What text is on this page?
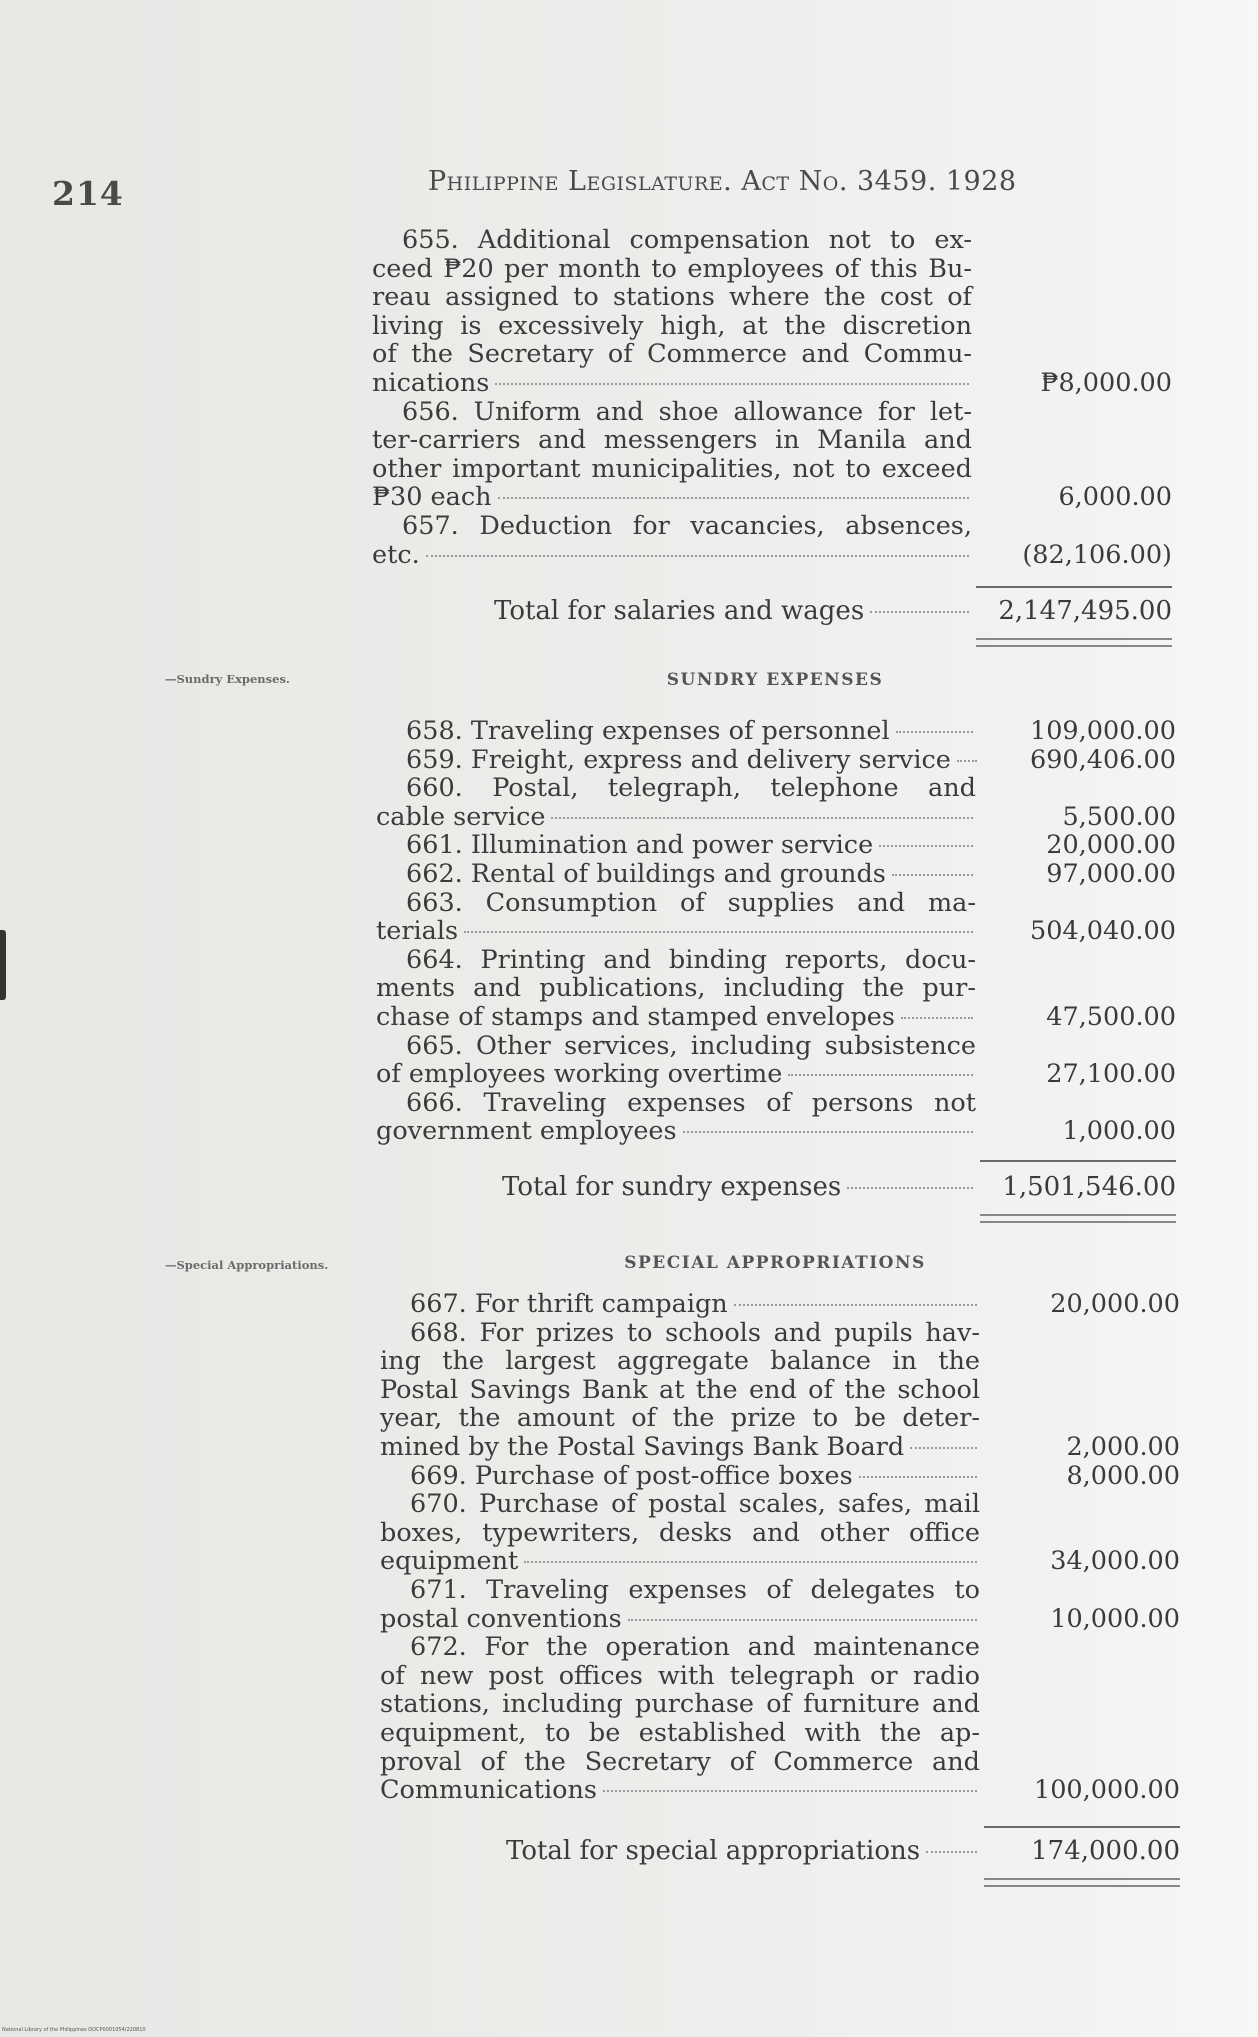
214	Philippine Legislature. Act No. 3459. 1928
655. Additional compensation not to ex-
ceed ₱20 per month to employees of this Bu-
reau assigned to stations where the cost of
living is excessively high, at the discretion
of the Secretary of Commerce and Commu-
nications	₱8,000.00
656. Uniform and shoe allowance for let-
ter-carriers and messengers in Manila and
other important municipalities, not to exceed
₱30 each	6,000.00
657. Deduction for vacancies, absences,
etc.	(82,106.00)
Total for salaries and wages	2,147,495.00
—Sundry Expenses.	SUNDRY EXPENSES
658. Traveling expenses of personnel	109,000.00
659. Freight, express and delivery service	690,406.00
660. Postal, telegraph, telephone and
cable service	5,500.00
661. Illumination and power service	20,000.00
662. Rental of buildings and grounds	97,000.00
663. Consumption of supplies and ma-
terials	504,040.00
664. Printing and binding reports, docu-
ments and publications, including the pur-
chase of stamps and stamped envelopes	47,500.00
665. Other services, including subsistence
of employees working overtime	27,100.00
666. Traveling expenses of persons not
government employees	1,000.00
Total for sundry expenses	1,501,546.00
—Special Appropriations.	SPECIAL APPROPRIATIONS
667. For thrift campaign	20,000.00
668. For prizes to schools and pupils hav-
ing the largest aggregate balance in the
Postal Savings Bank at the end of the school
year, the amount of the prize to be deter-
mined by the Postal Savings Bank Board	2,000.00
669. Purchase of post-office boxes	8,000.00
670. Purchase of postal scales, safes, mail
boxes, typewriters, desks and other office
equipment	34,000.00
671. Traveling expenses of delegates to
postal conventions	10,000.00
672. For the operation and maintenance
of new post offices with telegraph or radio
stations, including purchase of furniture and
equipment, to be established with the ap-
proval of the Secretary of Commerce and
Communications	100,000.00
Total for special appropriations	174,000.00
National Library of the Philippines DOCP0001054/220810
